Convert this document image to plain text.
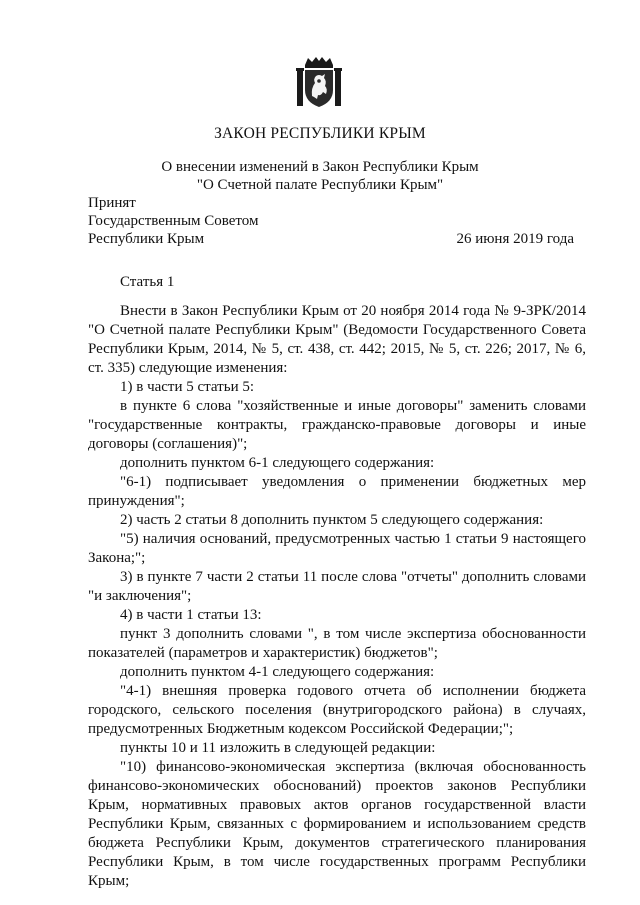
ЗАКОН РЕСПУБЛИКИ КРЫМ
О внесении изменений в Закон Республики Крым
"О Счетной палате Республики Крым"
Принят
Государственным Советом
Республики Крым	26 июня 2019 года
Статья 1

Внести в Закон Республики Крым от 20 ноября 2014 года № 9-ЗРК/2014 "О Счетной палате Республики Крым" (Ведомости Государственного Совета Республики Крым, 2014, № 5, ст. 438, ст. 442; 2015, № 5, ст. 226; 2017, № 6, ст. 335) следующие изменения:

1) в части 5 статьи 5:

в пункте 6 слова "хозяйственные и иные договоры" заменить словами "государственные контракты, гражданско-правовые договоры и иные договоры (соглашения)";

дополнить пунктом 6-1 следующего содержания:

"6-1) подписывает уведомления о применении бюджетных мер принуждения";

2) часть 2 статьи 8 дополнить пунктом 5 следующего содержания:

"5) наличия оснований, предусмотренных частью 1 статьи 9 настоящего Закона;";

3) в пункте 7 части 2 статьи 11 после слова "отчеты" дополнить словами "и заключения";

4) в части 1 статьи 13:

пункт 3 дополнить словами ", в том числе экспертиза обоснованности показателей (параметров и характеристик) бюджетов";

дополнить пунктом 4-1 следующего содержания:

"4-1) внешняя проверка годового отчета об исполнении бюджета городского, сельского поселения (внутригородского района) в случаях, предусмотренных Бюджетным кодексом Российской Федерации;";

пункты 10 и 11 изложить в следующей редакции:

"10) финансово-экономическая экспертиза (включая обоснованность финансово-экономических обоснований) проектов законов Республики Крым, нормативных правовых актов органов государственной власти Республики Крым, связанных с формированием и использованием средств бюджета Республики Крым, документов стратегического планирования Республики Крым, в том числе государственных программ Республики Крым;
